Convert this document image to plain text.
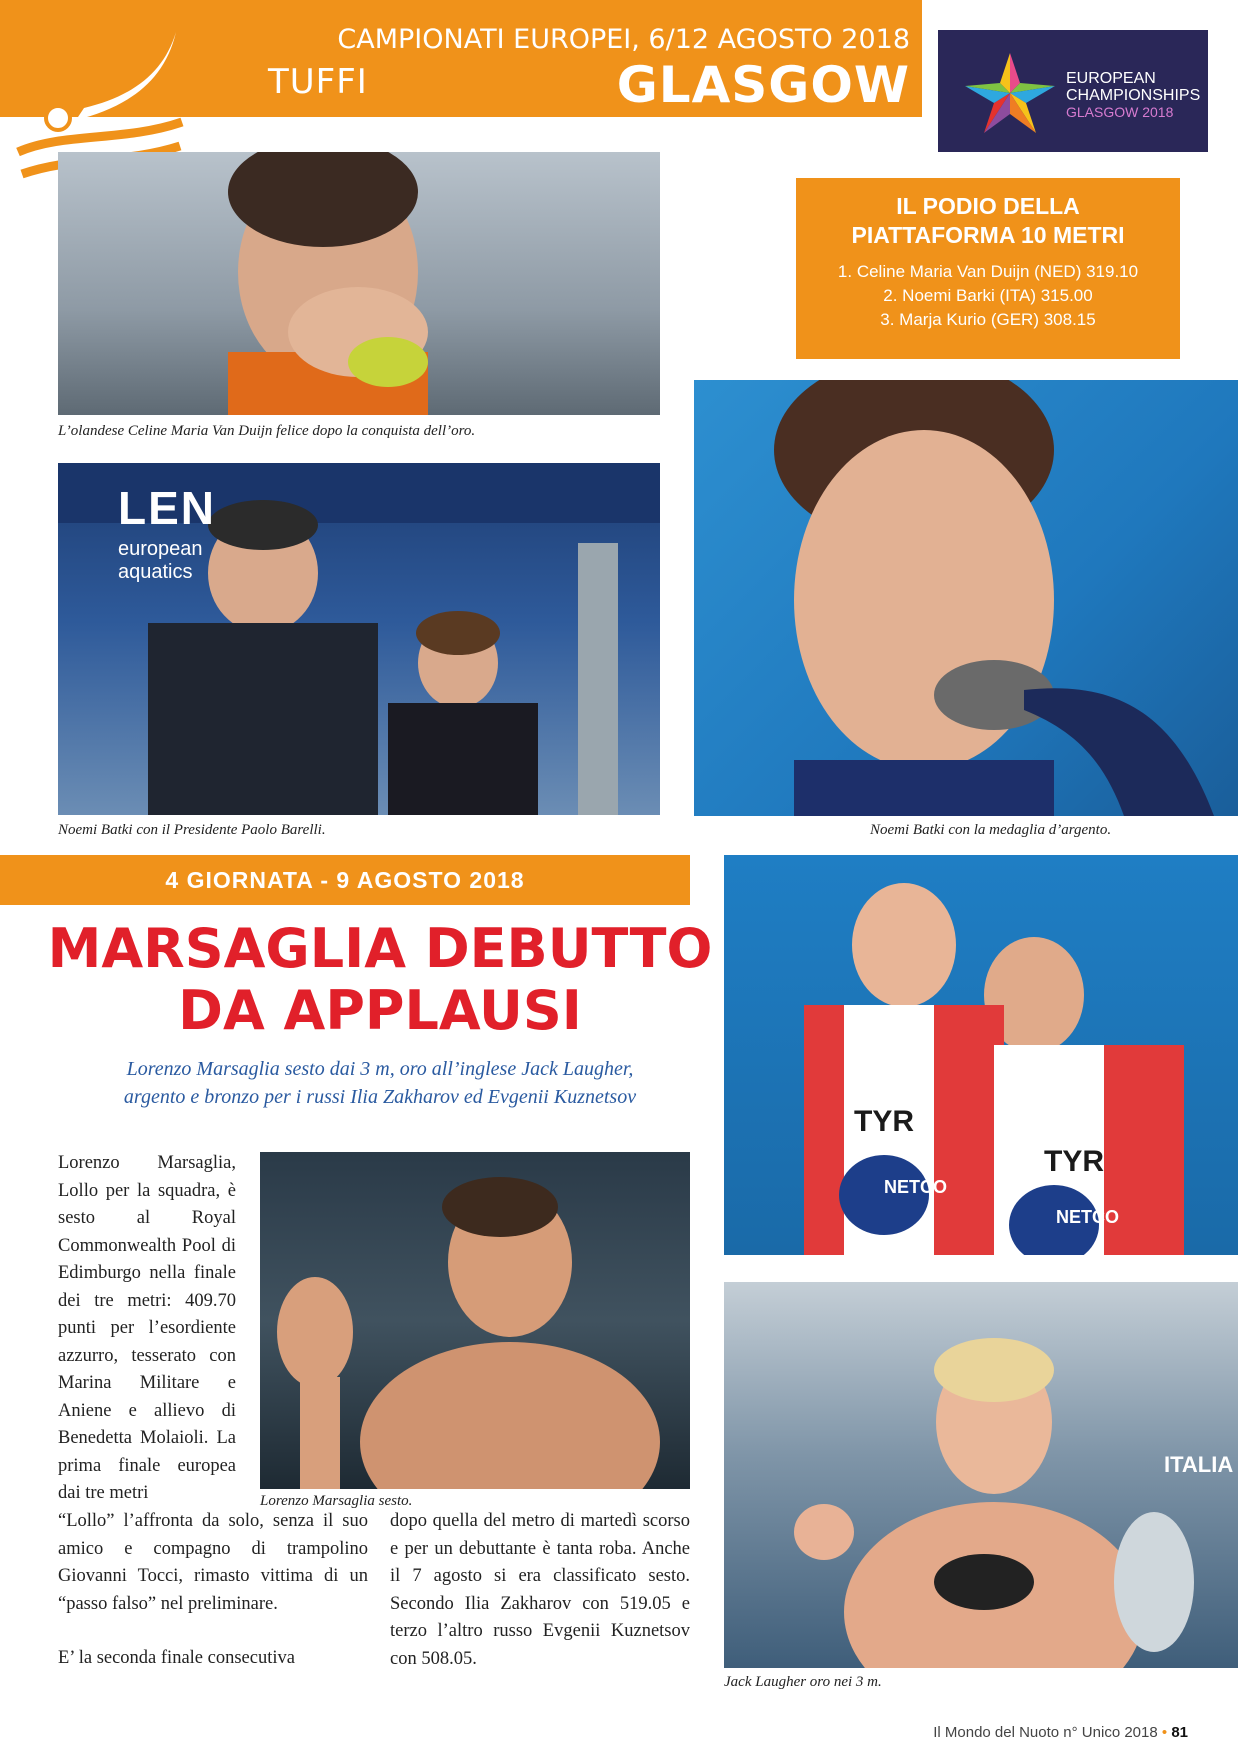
TUFFI
CAMPIONATI EUROPEI, 6/12 AGOSTO 2018
GLASGOW	EUROPEAN
CHAMPIONSHIPS
GLASGOW 2018
IL PODIO DELLA
PIATTAFORMA 10 METRI
1. Celine Maria Van Duijn (NED) 319.10
2. Noemi Barki (ITA) 315.00
3. Marja Kurio (GER) 308.15
L’olandese Celine Maria Van Duijn felice dopo la conquista dell’oro.
LEN
european aquatics
Noemi Batki con il Presidente Paolo Barelli.	Noemi Batki con la medaglia d’argento.
4 GIORNATA - 9 AGOSTO 2018
MARSAGLIA DEBUTTO
DA APPLAUSI
Lorenzo Marsaglia sesto dai 3 m, oro all’inglese Jack Laugher,
argento e bronzo per i russi Ilia Zakharov ed Evgenii Kuznetsov
TYR
TYR
NETCO
NETCO
Lorenzo Marsaglia sesto.
ITALIA
Jack Laugher oro nei 3 m.
Lorenzo Marsaglia, Lollo per la squadra, è sesto al Royal Commonwealth Pool di Edimburgo nella finale dei tre metri: 409.70 punti per l’esordiente azzurro, tesserato con Marina Militare e Aniene e allievo di Benedetta Molaioli. La prima finale europea dai tre metri
“Lollo” l’affronta da solo, senza il suo amico e compagno di trampolino Giovanni Tocci, rimasto vittima di un “passo falso” nel preliminare.
E’ la seconda finale consecutiva
dopo quella del metro di martedì scorso e per un debuttante è tanta roba. Anche il 7 agosto si era classificato sesto. Secondo Ilia Zakharov con 519.05 e terzo l’altro russo Evgenii Kuznetsov con 508.05.
Il Mondo del Nuoto n° Unico 2018 • 81
